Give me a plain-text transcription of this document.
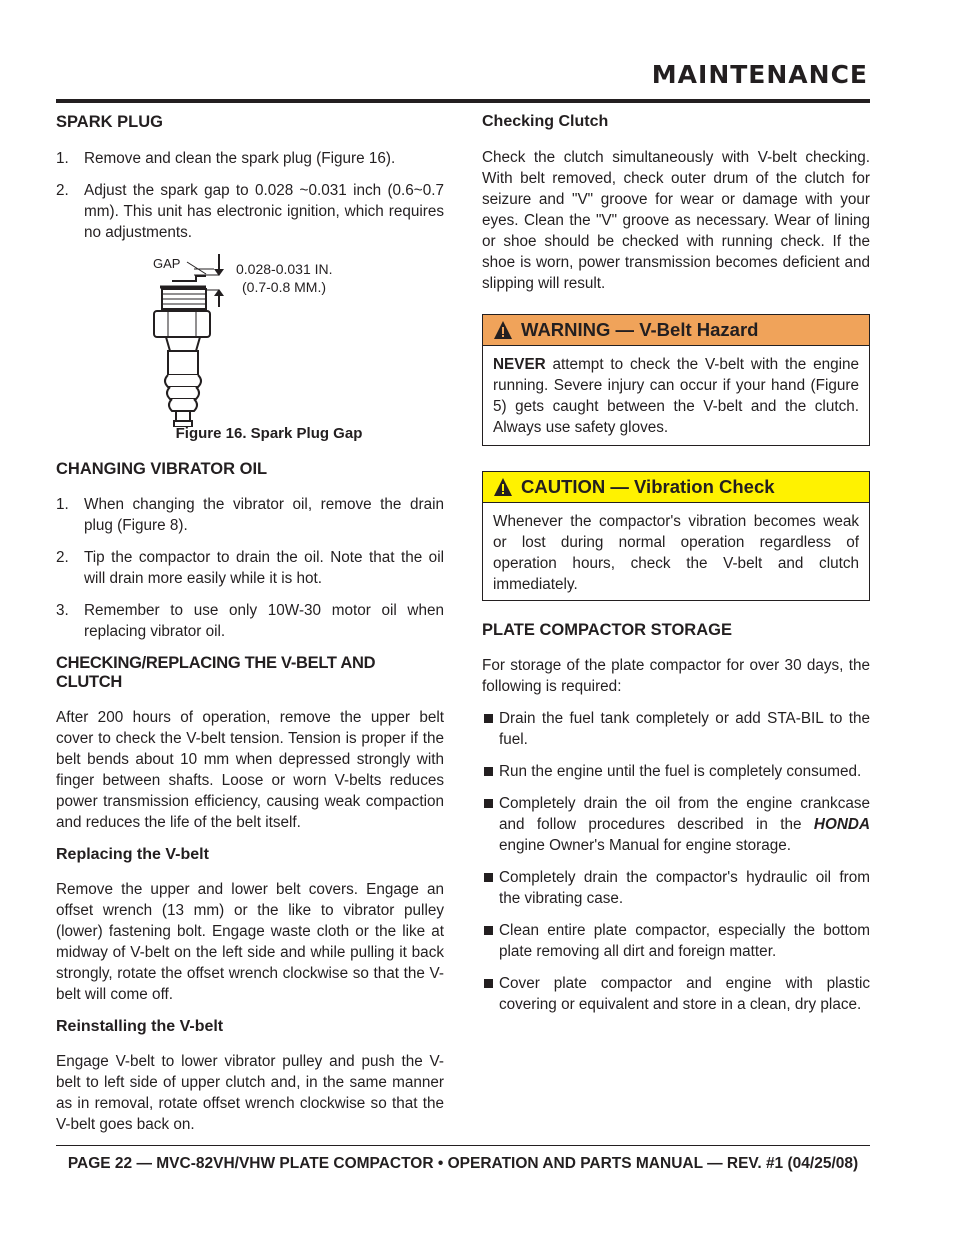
MAINTENANCE
SPARK PLUG
1. Remove and clean the spark plug (Figure 16).
2. Adjust the spark gap to 0.028 ~0.031 inch (0.6~0.7 mm). This unit has electronic ignition, which requires no adjustments.
GAP	0.028-0.031 IN.
(0.7-0.8 MM.)
Figure 16. Spark Plug Gap
CHANGING VIBRATOR OIL
1. When changing the vibrator oil, remove the drain plug (Figure 8).
2. Tip the compactor to drain the oil. Note that the oil will drain more easily while it is hot.
3. Remember to use only 10W-30 motor oil when replacing vibrator oil.
CHECKING/REPLACING THE V-BELT AND CLUTCH

After 200 hours of operation, remove the upper belt cover to check the V-belt tension. Tension is proper if the belt bends about 10 mm when depressed strongly with finger between shafts. Loose or worn V-belts reduces power transmission efficiency, causing weak compaction and reduces the life of the belt itself.

Replacing the V-belt

Remove the upper and lower belt covers. Engage an offset wrench (13 mm) or the like to vibrator pulley (lower) fastening bolt. Engage waste cloth or the like at midway of V-belt on the left side and while pulling it back strongly, rotate the offset wrench clockwise so that the V-belt will come off.

Reinstalling the V-belt

Engage V-belt to lower vibrator pulley and push the V-belt to left side of upper clutch and, in the same manner as in removal, rotate offset wrench clockwise so that the V-belt goes back on.

Checking Clutch

Check the clutch simultaneously with V-belt checking. With belt removed, check outer drum of the clutch for seizure and "V" groove for wear or damage with your eyes. Clean the "V" groove as necessary. Wear of lining or shoe should be checked with running check. If the shoe is worn, power transmission becomes deficient and slipping will result.

WARNING — V-Belt Hazard

NEVER attempt to check the V-belt with the engine running. Severe injury can occur if your hand (Figure 5) gets caught between the V-belt and the clutch. Always use safety gloves.

CAUTION — Vibration Check

Whenever the compactor's vibration becomes weak or lost during normal operation regardless of operation hours, check the V-belt and clutch immediately.

PLATE COMPACTOR STORAGE

For storage of the plate compactor for over 30 days, the following is required:

Drain the fuel tank completely or add STA-BIL to the fuel.
Run the engine until the fuel is completely consumed.
Completely drain the oil from the engine crankcase and follow procedures described in the HONDA engine Owner's Manual for engine storage.
Completely drain the compactor's hydraulic oil from the vibrating case.
Clean entire plate compactor, especially the bottom plate removing all dirt and foreign matter.
Cover plate compactor and engine with plastic covering or equivalent and store in a clean, dry place.
PAGE 22 — MVC-82VH/VHW PLATE COMPACTOR • OPERATION AND PARTS MANUAL — REV. #1 (04/25/08)
